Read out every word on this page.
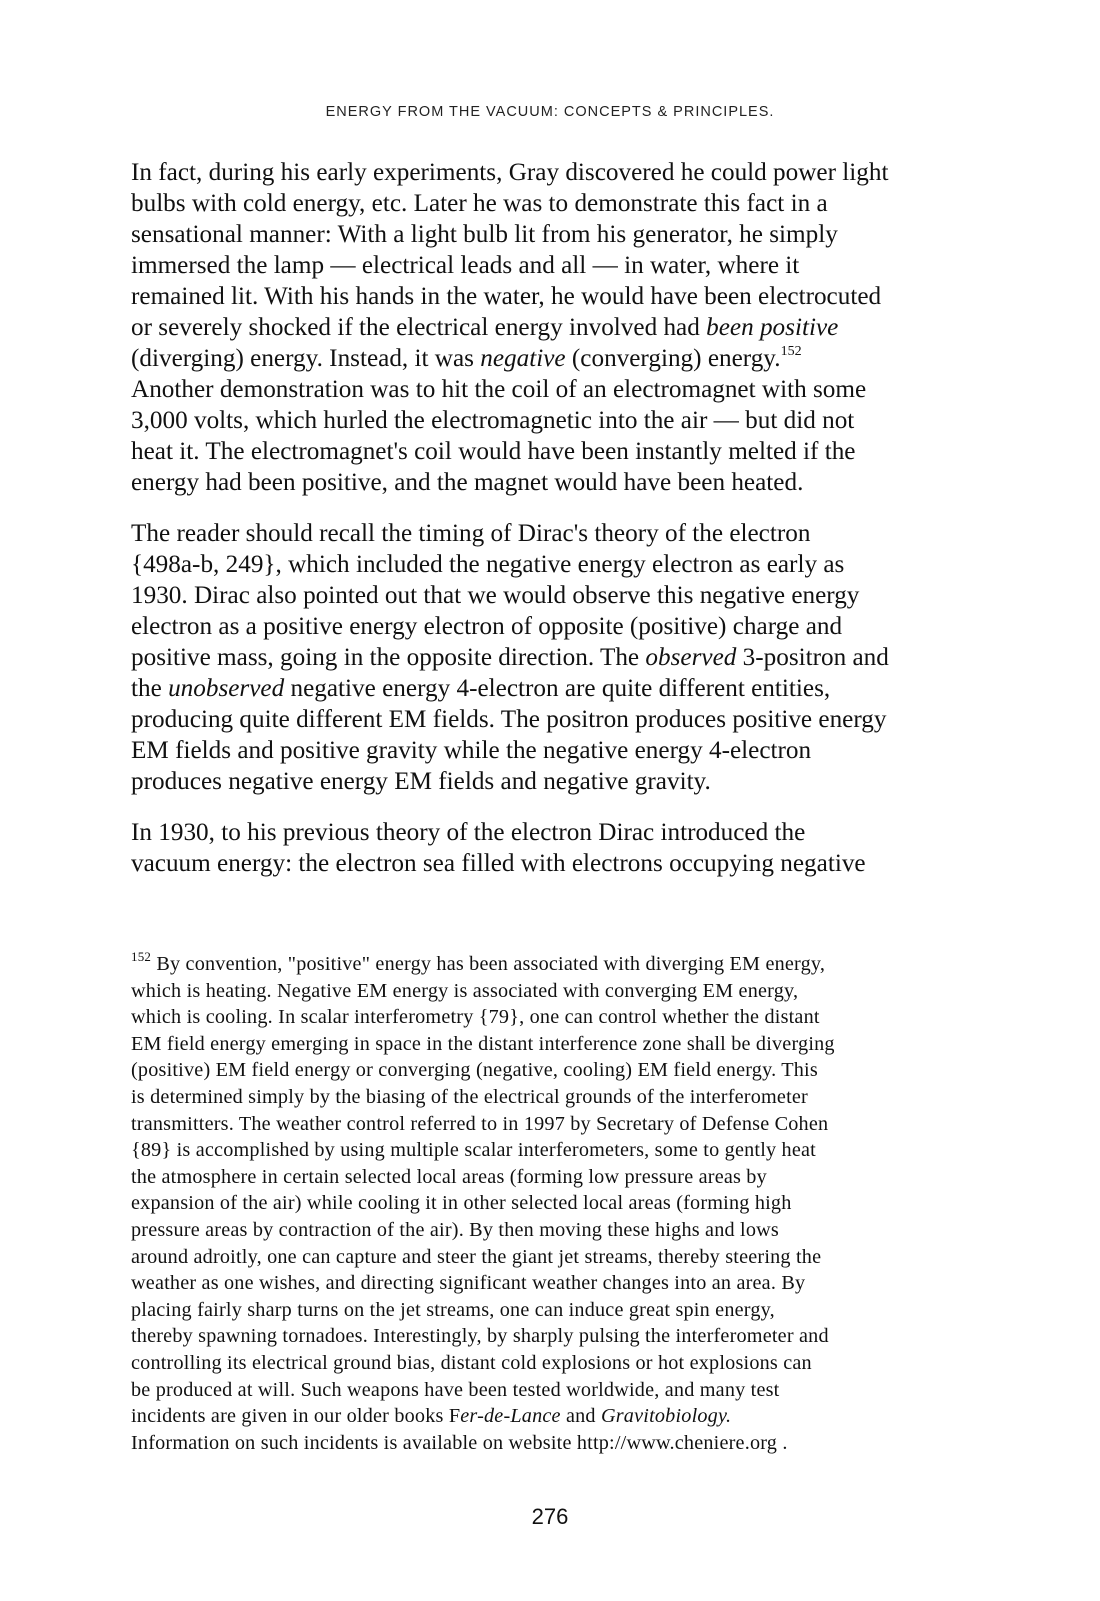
ENERGY FROM THE VACUUM: CONCEPTS & PRINCIPLES.

In fact, during his early experiments, Gray discovered he could power light
bulbs with cold energy, etc. Later he was to demonstrate this fact in a
sensational manner: With a light bulb lit from his generator, he simply
immersed the lamp — electrical leads and all — in water, where it
remained lit. With his hands in the water, he would have been electrocuted
or severely shocked if the electrical energy involved had been positive
(diverging) energy. Instead, it was negative (converging) energy.$^{152}$
Another demonstration was to hit the coil of an electromagnet with some
3,000 volts, which hurled the electromagnetic into the air — but did not
heat it. The electromagnet's coil would have been instantly melted if the
energy had been positive, and the magnet would have been heated.

The reader should recall the timing of Dirac's theory of the electron
{498a-b, 249}, which included the negative energy electron as early as
1930. Dirac also pointed out that we would observe this negative energy
electron as a positive energy electron of opposite (positive) charge and
positive mass, going in the opposite direction. The observed 3-positron and
the unobserved negative energy 4-electron are quite different entities,
producing quite different EM fields. The positron produces positive energy
EM fields and positive gravity while the negative energy 4-electron
produces negative energy EM fields and negative gravity.

In 1930, to his previous theory of the electron Dirac introduced the
vacuum energy: the electron sea filled with electrons occupying negative

$^{152}$ By convention, "positive" energy has been associated with diverging EM energy,
which is heating. Negative EM energy is associated with converging EM energy,
which is cooling. In scalar interferometry {79}, one can control whether the distant
EM field energy emerging in space in the distant interference zone shall be diverging
(positive) EM field energy or converging (negative, cooling) EM field energy. This
is determined simply by the biasing of the electrical grounds of the interferometer
transmitters. The weather control referred to in 1997 by Secretary of Defense Cohen
{89} is accomplished by using multiple scalar interferometers, some to gently heat
the atmosphere in certain selected local areas (forming low pressure areas by
expansion of the air) while cooling it in other selected local areas (forming high
pressure areas by contraction of the air). By then moving these highs and lows
around adroitly, one can capture and steer the giant jet streams, thereby steering the
weather as one wishes, and directing significant weather changes into an area. By
placing fairly sharp turns on the jet streams, one can induce great spin energy,
thereby spawning tornadoes. Interestingly, by sharply pulsing the interferometer and
controlling its electrical ground bias, distant cold explosions or hot explosions can
be produced at will. Such weapons have been tested worldwide, and many test
incidents are given in our older books Fer-de-Lance and Gravitobiology.
Information on such incidents is available on website http://www.cheniere.org .
276
